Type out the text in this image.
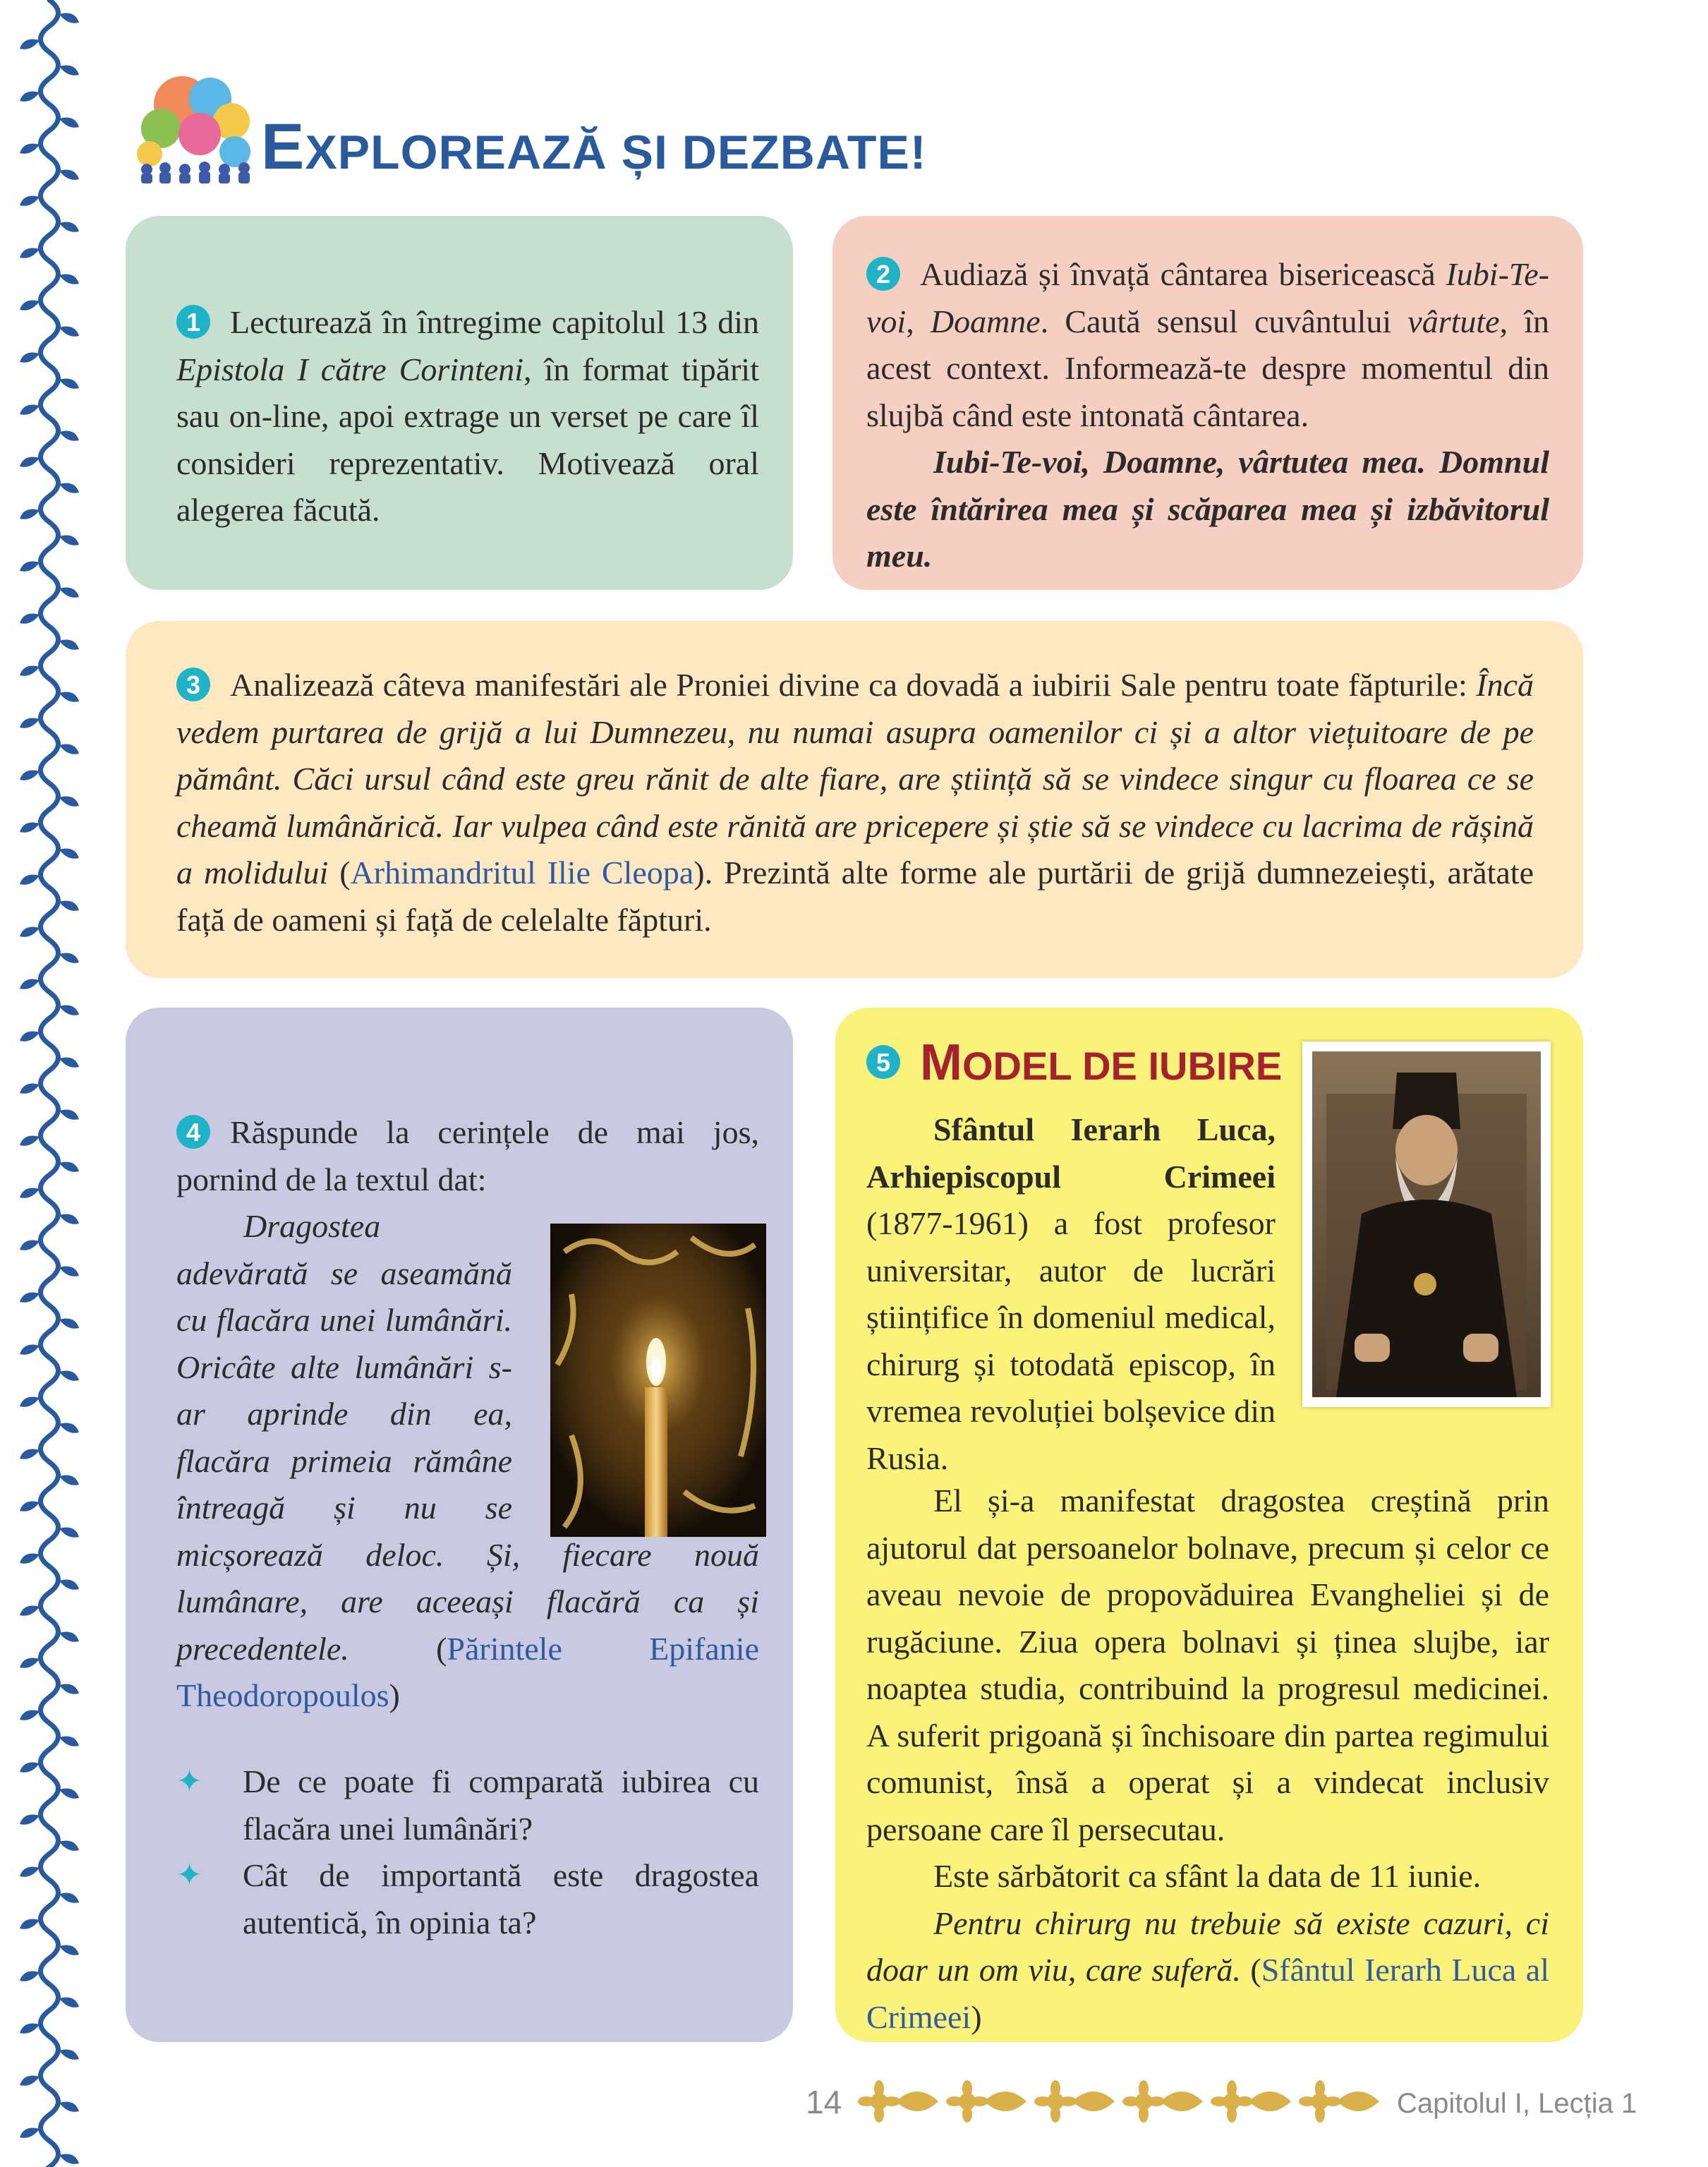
EXPLOREAZĂ ȘI DEZBATE!

1 Lecturează în întregime capitolul 13 din Epistola I către Corinteni, în format tipărit sau on-line, apoi extrage un verset pe care îl consideri reprezentativ. Motivează oral alegerea făcută.

2 Audiază și învață cântarea bisericească Iubi-Te-voi, Doamne. Caută sensul cuvântului vârtute, în acest context. Informează-te despre momentul din slujbă când este intonată cântarea.

Iubi-Te-voi, Doamne, vârtutea mea. Domnul este întărirea mea și scăparea mea și izbăvitorul meu.

3 Analizează câteva manifestări ale Proniei divine ca dovadă a iubirii Sale pentru toate făpturile: Încă vedem purtarea de grijă a lui Dumnezeu, nu numai asupra oamenilor ci și a altor viețuitoare de pe pământ. Căci ursul când este greu rănit de alte fiare, are știință să se vindece singur cu floarea ce se cheamă lumânărică. Iar vulpea când este rănită are pricepere și știe să se vindece cu lacrima de rășină a molidului (Arhimandritul Ilie Cleopa). Prezintă alte forme ale purtării de grijă dumnezeiești, arătate față de oameni și față de celelalte făpturi.

4 Răspunde la cerințele de mai jos, pornind de la textul dat:

Dragostea adevărată se aseamănă cu flacăra unei lumânări. Oricâte alte lumânări s-ar aprinde din ea, flacăra primeia rămâne întreagă și nu se micșorează deloc. Și, fiecare nouă lumânare, are aceeași flacără ca și precedentele. (Părintele Epifanie Theodoropoulos)

✦ De ce poate fi comparată iubirea cu flacăra unei lumânări?
✦ Cât de importantă este dragostea autentică, în opinia ta?
5 MODEL DE IUBIRE

Sfântul Ierarh Luca, Arhiepiscopul Crimeei (1877-1961) a fost profesor universitar, autor de lucrări științifice în domeniul medical, chirurg și totodată episcop, în vremea revoluției bolșevice din Rusia.

El și-a manifestat dragostea creștină prin ajutorul dat persoanelor bolnave, precum și celor ce aveau nevoie de propovăduirea Evangheliei și de rugăciune. Ziua opera bolnavi și ținea slujbe, iar noaptea studia, contribuind la progresul medicinei. A suferit prigoană și închisoare din partea regimului comunist, însă a operat și a vindecat inclusiv persoane care îl persecutau.

Este sărbătorit ca sfânt la data de 11 iunie.

Pentru chirurg nu trebuie să existe cazuri, ci doar un om viu, care suferă. (Sfântul Ierarh Luca al Crimeei)

14	Capitolul I, Lecția 1
